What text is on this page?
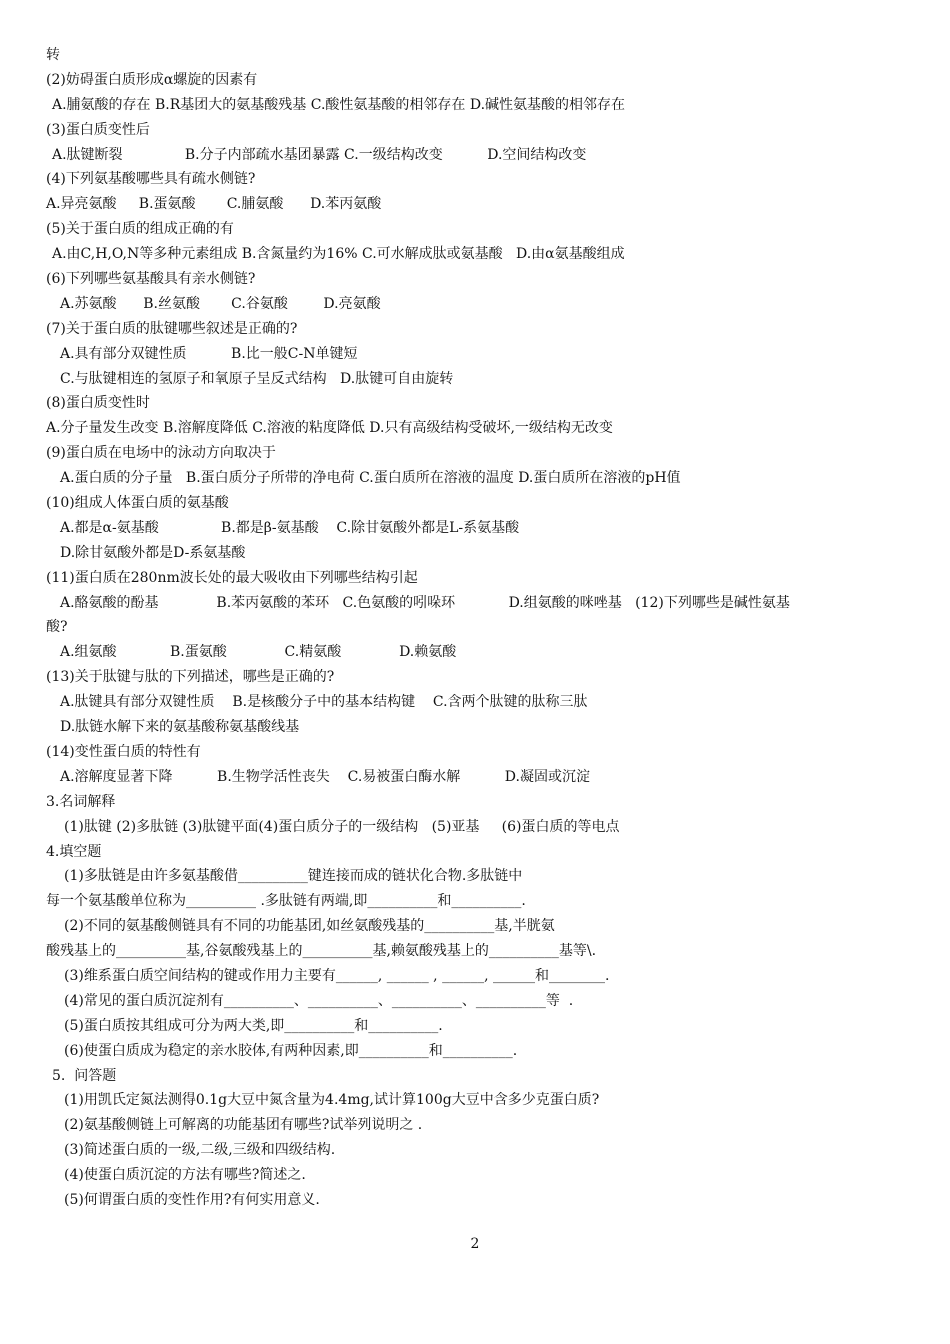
转
(2)妨碍蛋白质形成α螺旋的因素有
A.脯氨酸的存在 B.R基团大的氨基酸残基 C.酸性氨基酸的相邻存在 D.碱性氨基酸的相邻存在
(3)蛋白质变性后
A.肽键断裂              B.分子内部疏水基团暴露 C.一级结构改变          D.空间结构改变
(4)下列氨基酸哪些具有疏水侧链?
A.异亮氨酸     B.蛋氨酸       C.脯氨酸      D.苯丙氨酸
(5)关于蛋白质的组成正确的有
A.由C,H,O,N等多种元素组成 B.含氮量约为16% C.可水解成肽或氨基酸   D.由α氨基酸组成
(6)下列哪些氨基酸具有亲水侧链?
A.苏氨酸      B.丝氨酸       C.谷氨酸        D.亮氨酸
(7)关于蛋白质的肽键哪些叙述是正确的?
A.具有部分双键性质          B.比一般C-N单键短
C.与肽键相连的氢原子和氧原子呈反式结构   D.肽键可自由旋转
(8)蛋白质变性时
A.分子量发生改变 B.溶解度降低 C.溶液的粘度降低 D.只有高级结构受破坏,一级结构无改变
(9)蛋白质在电场中的泳动方向取决于
A.蛋白质的分子量   B.蛋白质分子所带的净电荷 C.蛋白质所在溶液的温度 D.蛋白质所在溶液的pH值
(10)组成人体蛋白质的氨基酸
A.都是α-氨基酸              B.都是β-氨基酸    C.除甘氨酸外都是L-系氨基酸
D.除甘氨酸外都是D-系氨基酸
(11)蛋白质在280nm波长处的最大吸收由下列哪些结构引起
A.酪氨酸的酚基             B.苯丙氨酸的苯环   C.色氨酸的吲哚环            D.组氨酸的咪唑基   (12)下列哪些是碱性氨基
酸?
A.组氨酸            B.蛋氨酸             C.精氨酸             D.赖氨酸
(13)关于肽键与肽的下列描述，哪些是正确的?
A.肽键具有部分双键性质    B.是核酸分子中的基本结构键    C.含两个肽键的肽称三肽
D.肽链水解下来的氨基酸称氨基酸线基
(14)变性蛋白质的特性有
A.溶解度显著下降          B.生物学活性丧失    C.易被蛋白酶水解          D.凝固或沉淀
3.名词解释
(1)肽键 (2)多肽链 (3)肽键平面(4)蛋白质分子的一级结构   (5)亚基     (6)蛋白质的等电点
4.填空题
(1)多肽链是由许多氨基酸借__________键连接而成的链状化合物.多肽链中
每一个氨基酸单位称为__________ .多肽链有两端,即__________和__________.
(2)不同的氨基酸侧链具有不同的功能基团,如丝氨酸残基的__________基,半胱氨
酸残基上的__________基,谷氨酸残基上的__________基,赖氨酸残基上的__________基等\.
(3)维系蛋白质空间结构的键或作用力主要有______, ______ , ______, ______和________.
(4)常见的蛋白质沉淀剂有__________、__________、__________、__________等  .
(5)蛋白质按其组成可分为两大类,即__________和__________.
(6)使蛋白质成为稳定的亲水胶体,有两种因素,即__________和__________.
5.  问答题
(1)用凯氏定氮法测得0.1g大豆中氮含量为4.4mg,试计算100g大豆中含多少克蛋白质?
(2)氨基酸侧链上可解离的功能基团有哪些?试举列说明之 .
(3)简述蛋白质的一级,二级,三级和四级结构.
(4)使蛋白质沉淀的方法有哪些?简述之.
(5)何谓蛋白质的变性作用?有何实用意义.
2
